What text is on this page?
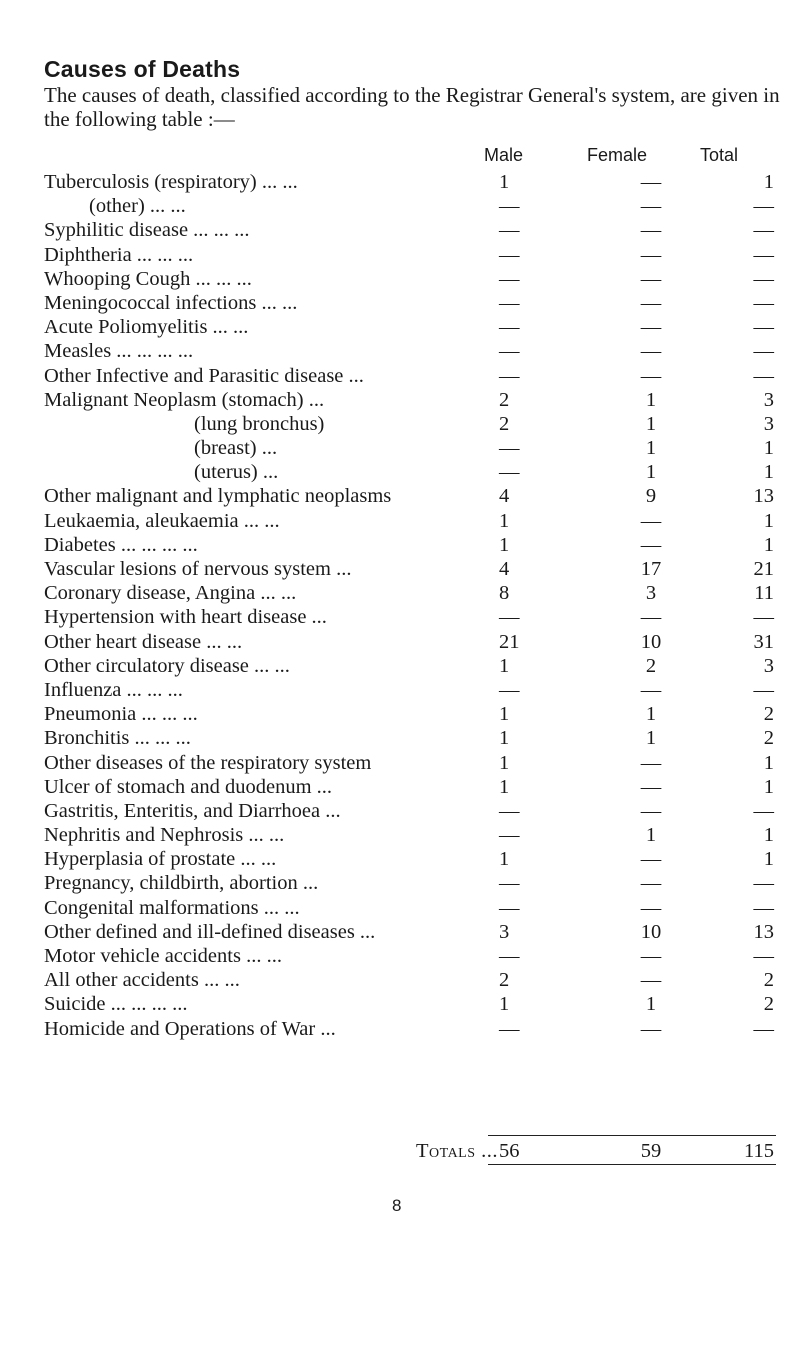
Causes of Deaths
The causes of death, classified according to the Registrar General's system, are given in the following table :—
Male	Female	Total
Tuberculosis (respiratory) ... ...	1	—	1
(other) ... ...	—	—	—
Syphilitic disease ... ... ...	—	—	—
Diphtheria ... ... ...	—	—	—
Whooping Cough ... ... ...	—	—	—
Meningococcal infections ... ...	—	—	—
Acute Poliomyelitis ... ...	—	—	—
Measles ... ... ... ...	—	—	—
Other Infective and Parasitic disease ...	—	—	—
Malignant Neoplasm (stomach) ...	2	1	3
(lung bronchus)	2	1	3
(breast) ...	—	1	1
(uterus) ...	—	1	1
Other malignant and lymphatic neoplasms	4	9	13
Leukaemia, aleukaemia ... ...	1	—	1
Diabetes ... ... ... ...	1	—	1
Vascular lesions of nervous system ...	4	17	21
Coronary disease, Angina ... ...	8	3	11
Hypertension with heart disease ...	—	—	—
Other heart disease ... ...	21	10	31
Other circulatory disease ... ...	1	2	3
Influenza ... ... ...	—	—	—
Pneumonia ... ... ...	1	1	2
Bronchitis ... ... ...	1	1	2
Other diseases of the respiratory system	1	—	1
Ulcer of stomach and duodenum ...	1	—	1
Gastritis, Enteritis, and Diarrhoea ...	—	—	—
Nephritis and Nephrosis ... ...	—	1	1
Hyperplasia of prostate ... ...	1	—	1
Pregnancy, childbirth, abortion ...	—	—	—
Congenital malformations ... ...	—	—	—
Other defined and ill-defined diseases ...	3	10	13
Motor vehicle accidents ... ...	—	—	—
All other accidents ... ...	2	—	2
Suicide ... ... ... ...	1	1	2
Homicide and Operations of War ...	—	—	—
Totals ... 56	59	115
8
